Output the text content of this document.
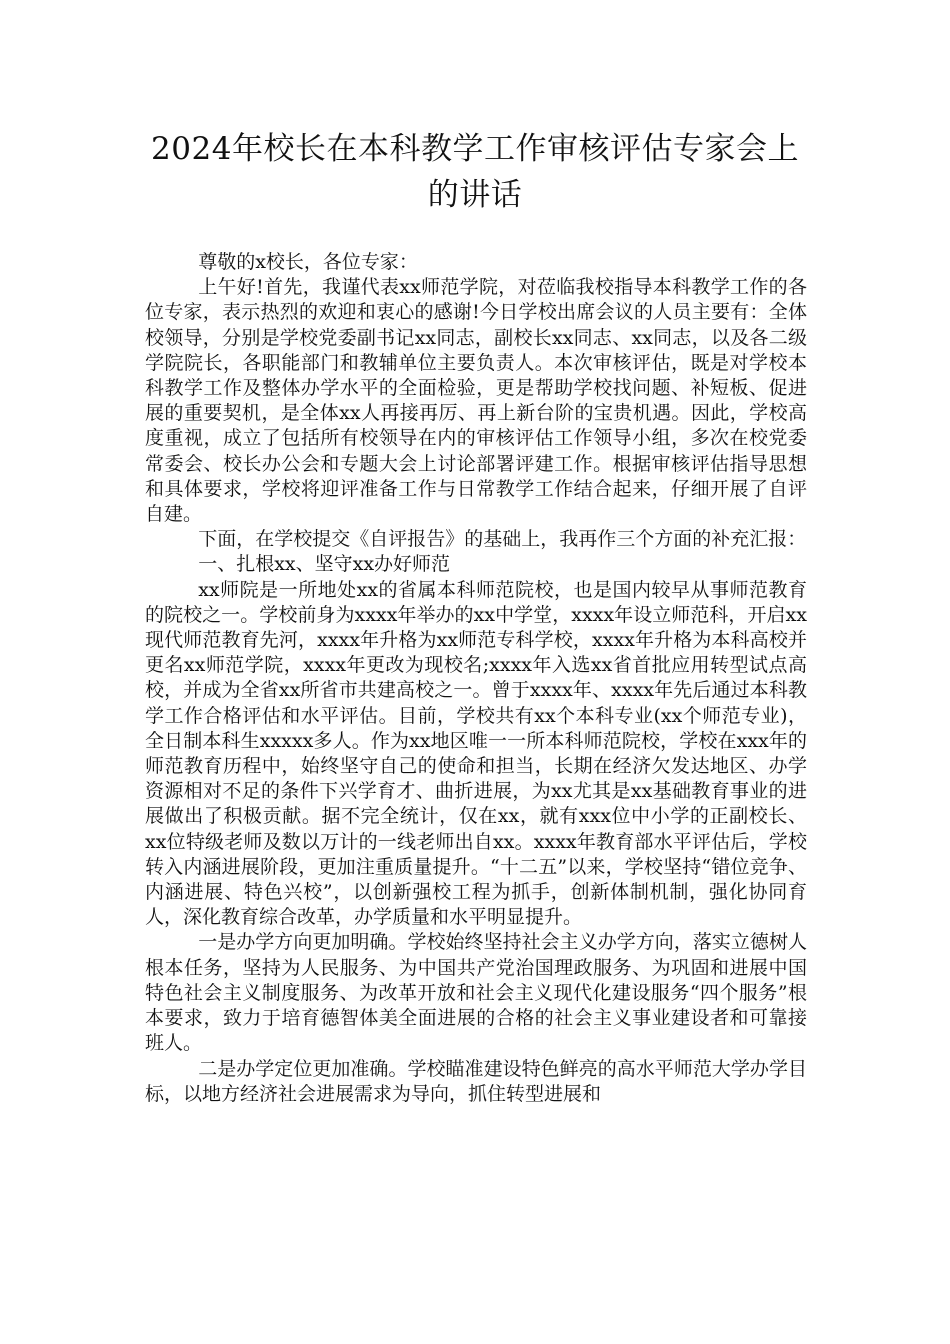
2024年校长在本科教学工作审核评估专家会上的讲话

尊敬的x校长，各位专家：

上午好!首先，我谨代表xx师范学院，对莅临我校指导本科教学工作的各位专家，表示热烈的欢迎和衷心的感谢!今日学校出席会议的人员主要有：全体校领导，分别是学校党委副书记xx同志，副校长xx同志、xx同志，以及各二级学院院长，各职能部门和教辅单位主要负责人。本次审核评估，既是对学校本科教学工作及整体办学水平的全面检验，更是帮助学校找问题、补短板、促进展的重要契机，是全体xx人再接再厉、再上新台阶的宝贵机遇。因此，学校高度重视，成立了包括所有校领导在内的审核评估工作领导小组，多次在校党委常委会、校长办公会和专题大会上讨论部署评建工作。根据审核评估指导思想和具体要求，学校将迎评准备工作与日常教学工作结合起来，仔细开展了自评自建。

下面，在学校提交《自评报告》的基础上，我再作三个方面的补充汇报：

一、扎根xx、坚守xx办好师范

xx师院是一所地处xx的省属本科师范院校，也是国内较早从事师范教育的院校之一。学校前身为xxxx年举办的xx中学堂，xxxx年设立师范科，开启xx现代师范教育先河，xxxx年升格为xx师范专科学校，xxxx年升格为本科高校并更名xx师范学院，xxxx年更改为现校名;xxxx年入选xx省首批应用转型试点高校，并成为全省xx所省市共建高校之一。曾于xxxx年、xxxx年先后通过本科教学工作合格评估和水平评估。目前，学校共有xx个本科专业(xx个师范专业)，全日制本科生xxxxx多人。作为xx地区唯一一所本科师范院校，学校在xxx年的师范教育历程中，始终坚守自己的使命和担当，长期在经济欠发达地区、办学资源相对不足的条件下兴学育才、曲折进展，为xx尤其是xx基础教育事业的进展做出了积极贡献。据不完全统计，仅在xx，就有xxx位中小学的正副校长、xx位特级老师及数以万计的一线老师出自xx。xxxx年教育部水平评估后，学校转入内涵进展阶段，更加注重质量提升。“十二五”以来，学校坚持“错位竞争、内涵进展、特色兴校”，以创新强校工程为抓手，创新体制机制，强化协同育人，深化教育综合改革，办学质量和水平明显提升。

一是办学方向更加明确。学校始终坚持社会主义办学方向，落实立德树人根本任务，坚持为人民服务、为中国共产党治国理政服务、为巩固和进展中国特色社会主义制度服务、为改革开放和社会主义现代化建设服务“四个服务”根本要求，致力于培育德智体美全面进展的合格的社会主义事业建设者和可靠接班人。

二是办学定位更加准确。学校瞄准建设特色鲜亮的高水平师范大学办学目标，以地方经济社会进展需求为导向，抓住转型进展和
